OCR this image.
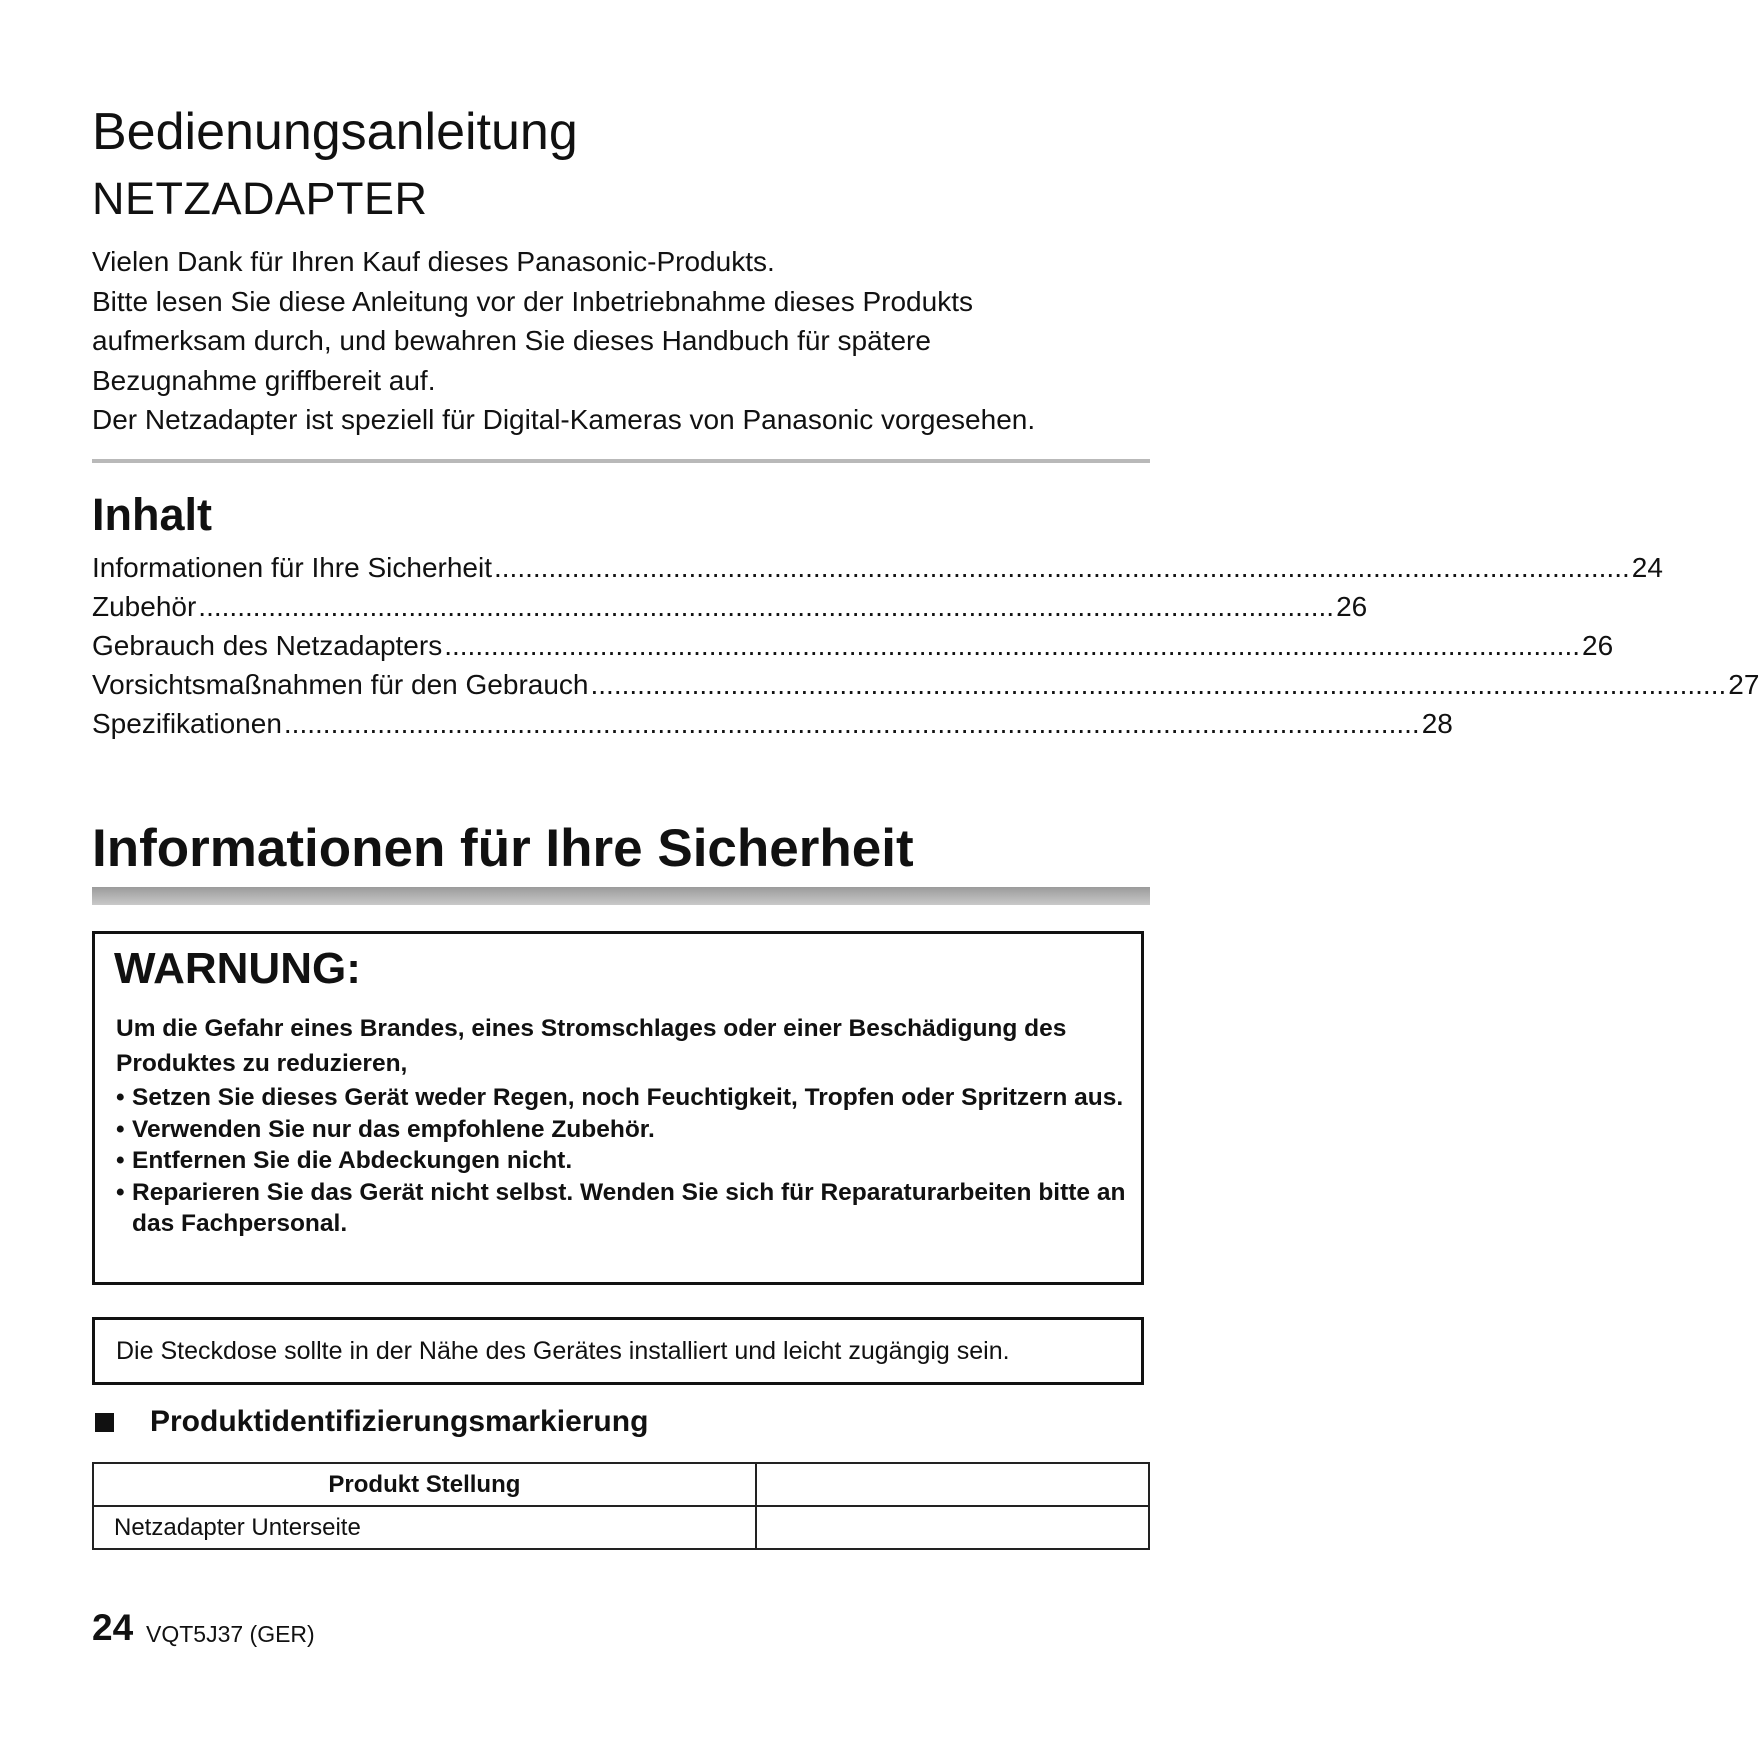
Bedienungsanleitung
NETZADAPTER
Vielen Dank für Ihren Kauf dieses Panasonic-Produkts.
Bitte lesen Sie diese Anleitung vor der Inbetriebnahme dieses Produkts
aufmerksam durch, und bewahren Sie dieses Handbuch für spätere
Bezugnahme griffbereit auf.
Der Netzadapter ist speziell für Digital-Kameras von Panasonic vorgesehen.
Inhalt
Informationen für Ihre Sicherheit .................................................................................................................................................. 24
Zubehör .................................................................................................................................................. 26
Gebrauch des Netzadapters .................................................................................................................................................. 26
Vorsichtsmaßnahmen für den Gebrauch .................................................................................................................................................. 27
Spezifikationen .................................................................................................................................................. 28
Informationen für Ihre Sicherheit
WARNUNG:
Um die Gefahr eines Brandes, eines Stromschlages oder einer Beschädigung des Produktes zu reduzieren,
• Setzen Sie dieses Gerät weder Regen, noch Feuchtigkeit, Tropfen oder Spritzern aus.
• Verwenden Sie nur das empfohlene Zubehör.
• Entfernen Sie die Abdeckungen nicht.
• Reparieren Sie das Gerät nicht selbst. Wenden Sie sich für Reparaturarbeiten bitte an das Fachpersonal.
Die Steckdose sollte in der Nähe des Gerätes installiert und leicht zugängig sein.
Produktidentifizierungsmarkierung
Produkt Stellung	
Netzadapter Unterseite	
24 VQT5J37 (GER)
